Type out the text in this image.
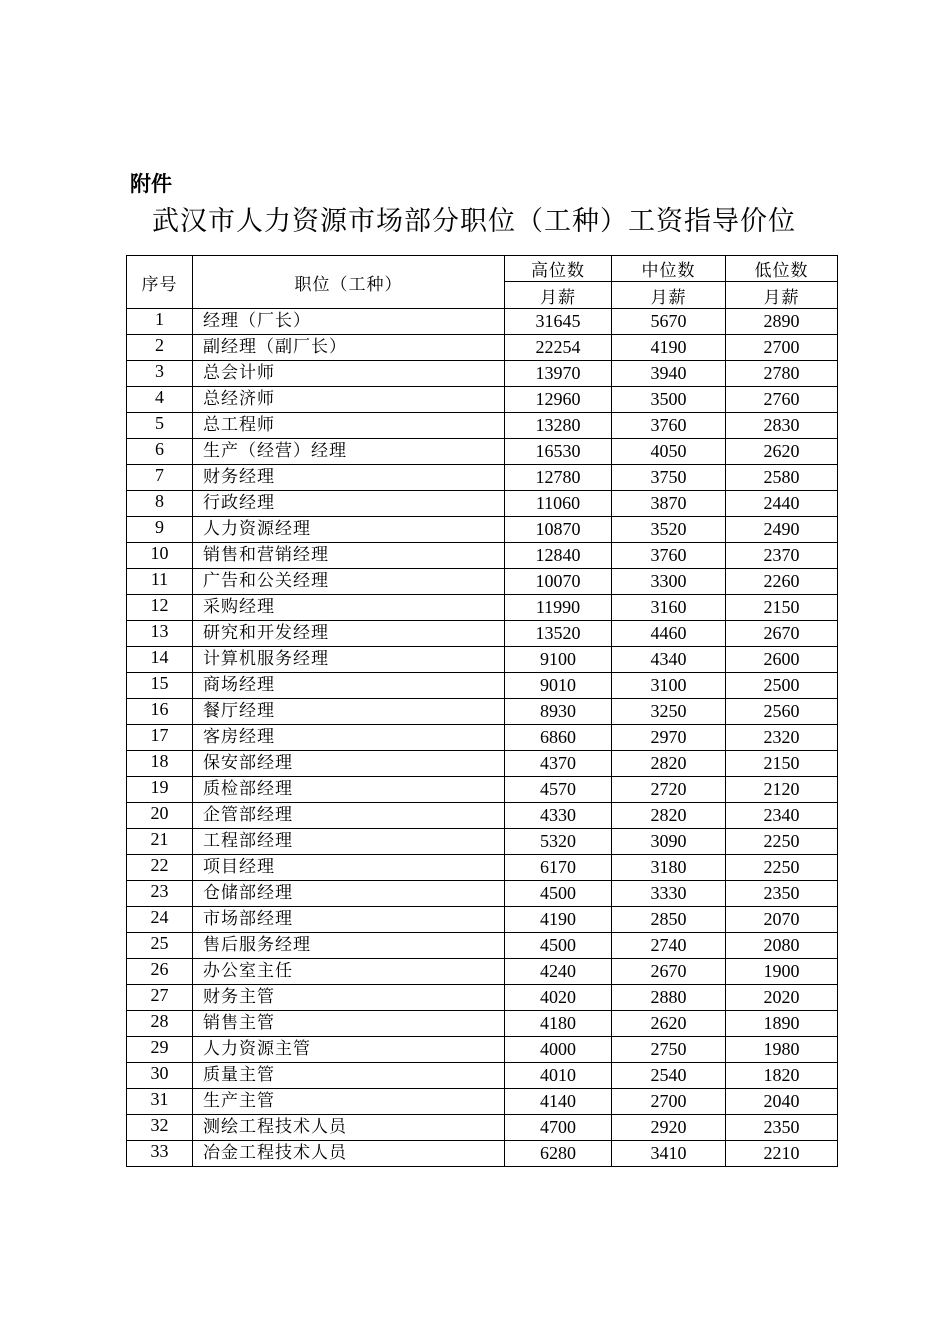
附件
武汉市人力资源市场部分职位（工种）工资指导价位
序号	职位（工种）	高位数	中位数	低位数
		月薪	月薪	月薪
1	经理（厂长）	31645	5670	2890
2	副经理（副厂长）	22254	4190	2700
3	总会计师	13970	3940	2780
4	总经济师	12960	3500	2760
5	总工程师	13280	3760	2830
6	生产（经营）经理	16530	4050	2620
7	财务经理	12780	3750	2580
8	行政经理	11060	3870	2440
9	人力资源经理	10870	3520	2490
10	销售和营销经理	12840	3760	2370
11	广告和公关经理	10070	3300	2260
12	采购经理	11990	3160	2150
13	研究和开发经理	13520	4460	2670
14	计算机服务经理	9100	4340	2600
15	商场经理	9010	3100	2500
16	餐厅经理	8930	3250	2560
17	客房经理	6860	2970	2320
18	保安部经理	4370	2820	2150
19	质检部经理	4570	2720	2120
20	企管部经理	4330	2820	2340
21	工程部经理	5320	3090	2250
22	项目经理	6170	3180	2250
23	仓储部经理	4500	3330	2350
24	市场部经理	4190	2850	2070
25	售后服务经理	4500	2740	2080
26	办公室主任	4240	2670	1900
27	财务主管	4020	2880	2020
28	销售主管	4180	2620	1890
29	人力资源主管	4000	2750	1980
30	质量主管	4010	2540	1820
31	生产主管	4140	2700	2040
32	测绘工程技术人员	4700	2920	2350
33	冶金工程技术人员	6280	3410	2210
